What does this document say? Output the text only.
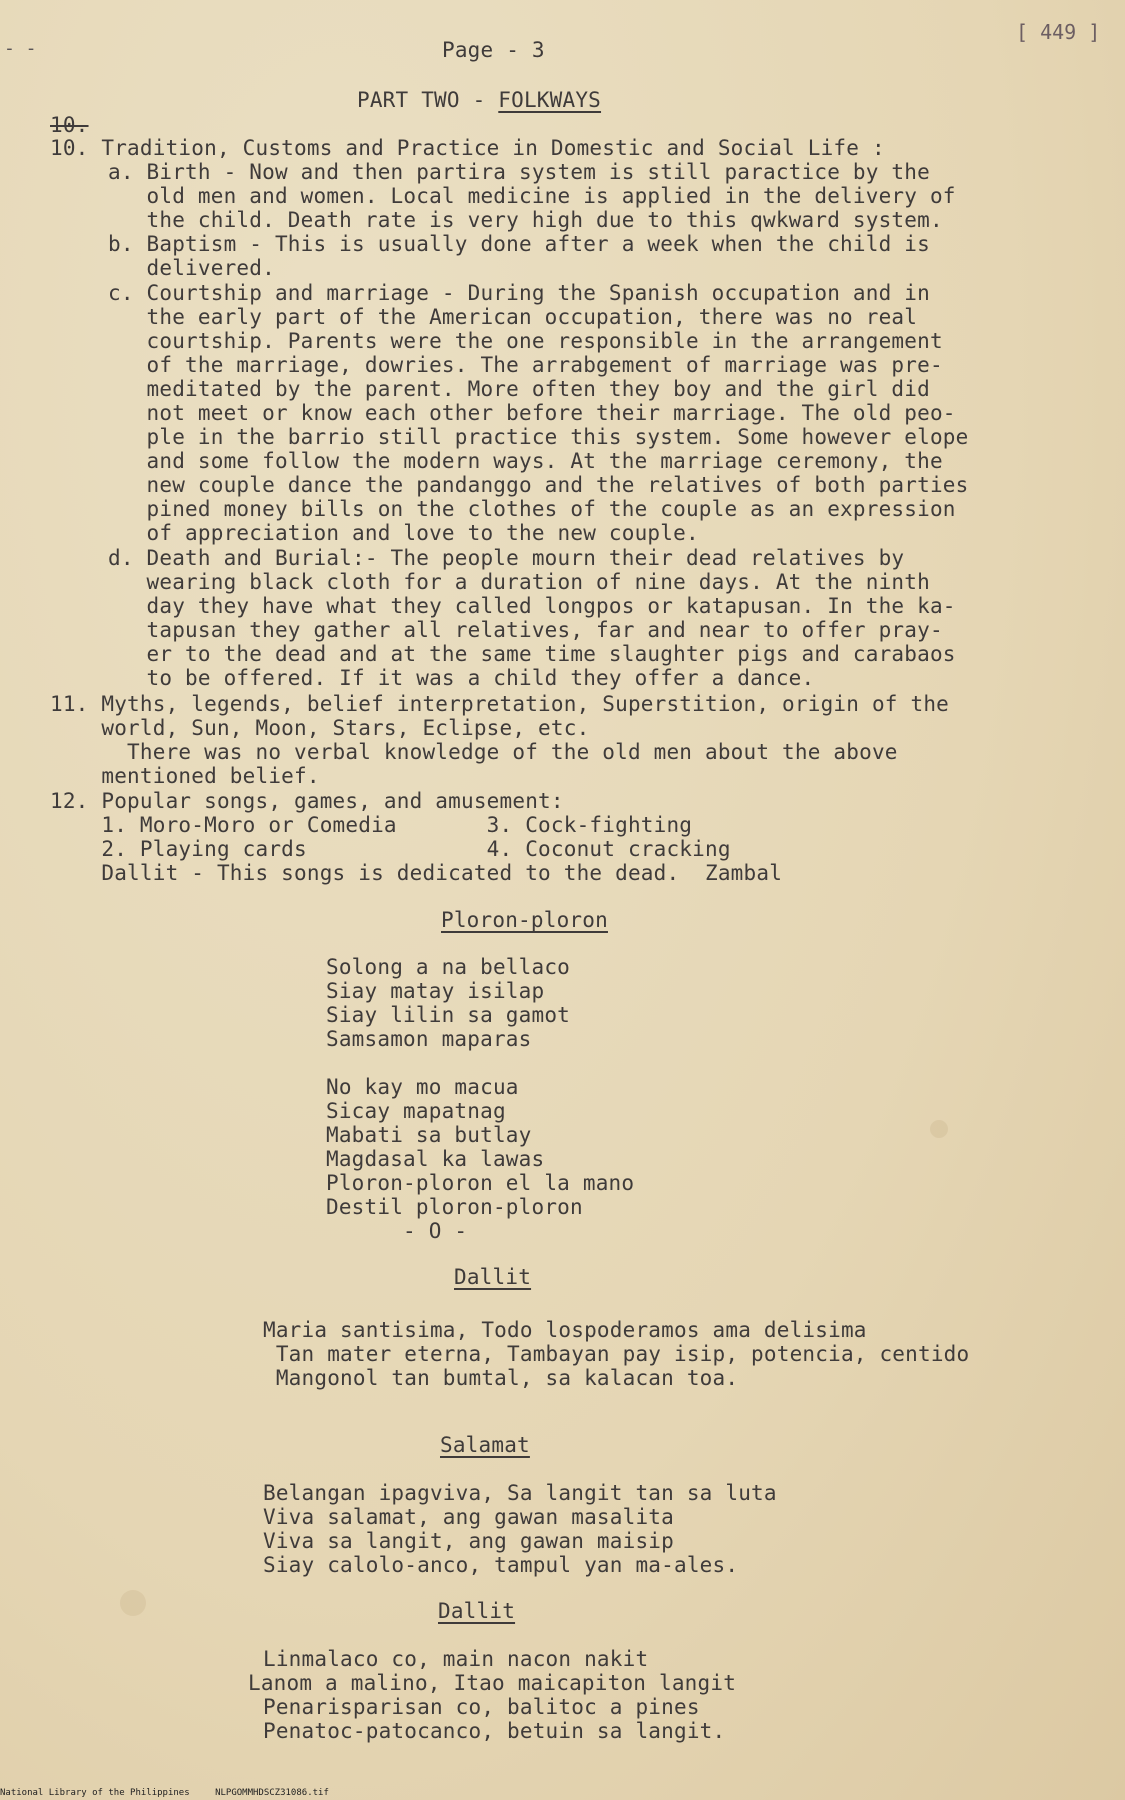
- -
[ 449 ]
Page - 3
PART TWO - FOLKWAYS
10.
10. Tradition, Customs and Practice in Domestic and Social Life :
a. Birth - Now and then partira system is still paractice by the
old men and women. Local medicine is applied in the delivery of
the child. Death rate is very high due to this qwkward system.
b. Baptism - This is usually done after a week when the child is
delivered.
c. Courtship and marriage - During the Spanish occupation and in
the early part of the American occupation, there was no real
courtship. Parents were the one responsible in the arrangement
of the marriage, dowries. The arrabgement of marriage was pre-
meditated by the parent. More often they boy and the girl did
not meet or know each other before their marriage. The old peo-
ple in the barrio still practice this system. Some however elope
and some follow the modern ways. At the marriage ceremony, the
new couple dance the pandanggo and the relatives of both parties
pined money bills on the clothes of the couple as an expression
of appreciation and love to the new couple.
d. Death and Burial:- The people mourn their dead relatives by
wearing black cloth for a duration of nine days. At the ninth
day they have what they called longpos or katapusan. In the ka-
tapusan they gather all relatives, far and near to offer pray-
er to the dead and at the same time slaughter pigs and carabaos
to be offered. If it was a child they offer a dance.
11. Myths, legends, belief interpretation, Superstition, origin of the
world, Sun, Moon, Stars, Eclipse, etc.
There was no verbal knowledge of the old men about the above
mentioned belief.
12. Popular songs, games, and amusement:
1. Moro-Moro or Comedia       3. Cock-fighting
2. Playing cards              4. Coconut cracking
Dallit - This songs is dedicated to the dead.  Zambal
Ploron-ploron
Solong a na bellaco
Siay matay isilap
Siay lilin sa gamot
Samsamon maparas
No kay mo macua
Sicay mapatnag
Mabati sa butlay
Magdasal ka lawas
Ploron-ploron el la mano
Destil ploron-ploron
- O -
Dallit
Maria santisima, Todo lospoderamos ama delisima
Tan mater eterna, Tambayan pay isip, potencia, centido
Mangonol tan bumtal, sa kalacan toa.
Salamat
Belangan ipagviva, Sa langit tan sa luta
Viva salamat, ang gawan masalita
Viva sa langit, ang gawan maisip
Siay calolo-anco, tampul yan ma-ales.
Dallit
Linmalaco co, main nacon nakit
Lanom a malino, Itao maicapiton langit
Penarisparisan co, balitoc a pines
Penatoc-patocanco, betuin sa langit.
National Library of the Philippines	NLPGOMMHDSCZ31086.tif
